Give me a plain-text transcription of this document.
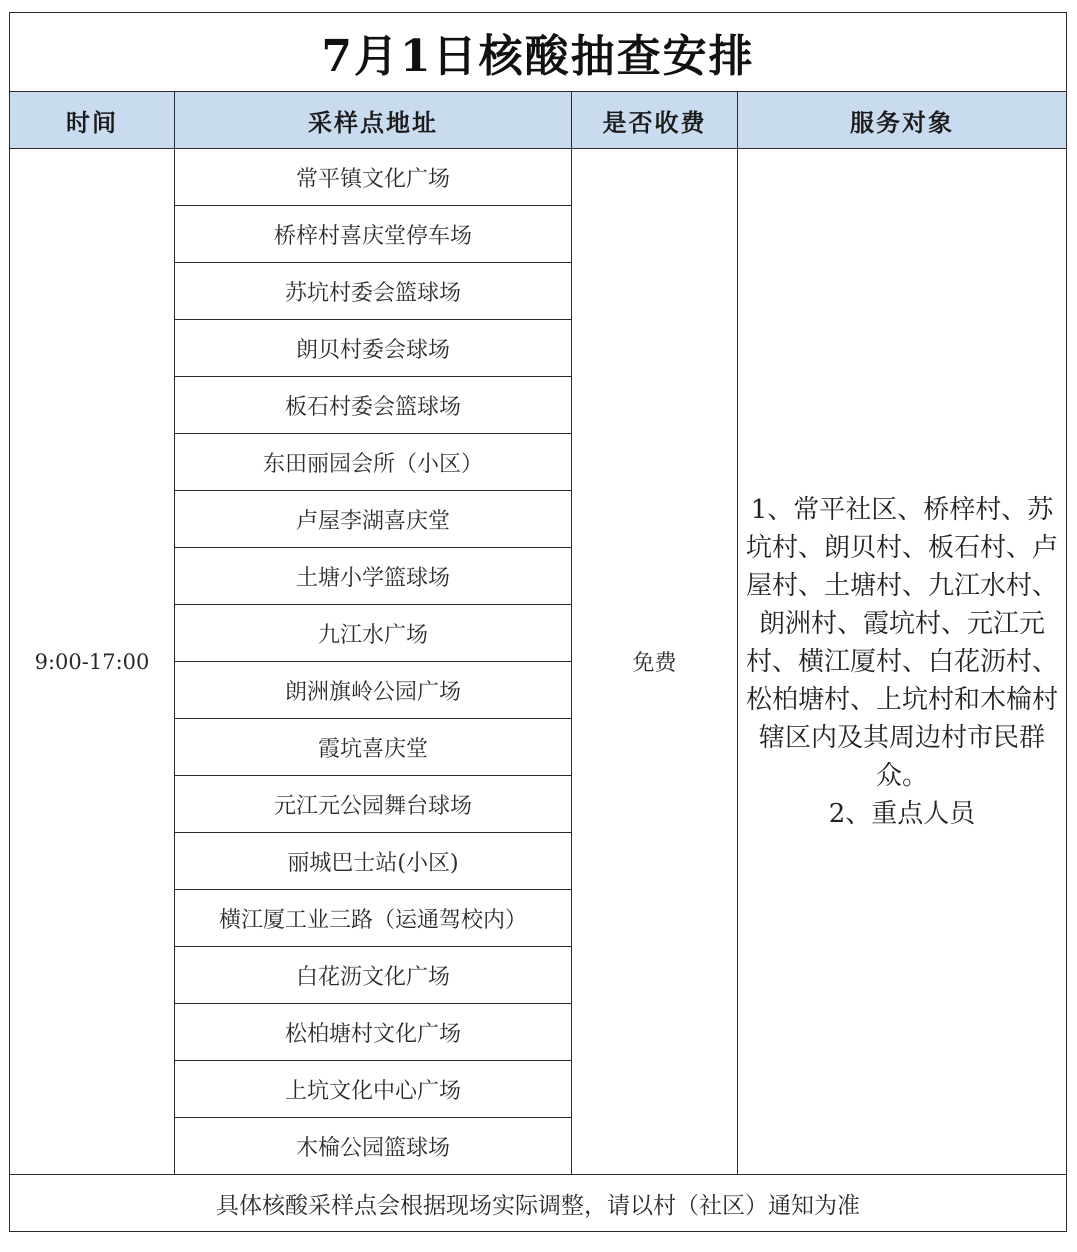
7月1日核酸抽查安排			
时间	采样点地址	是否收费	服务对象
9:00-17:00	常平镇文化广场	免费	1、常平社区、桥梓村、苏坑村、朗贝村、板石村、卢屋村、土塘村、九江水村、朗洲村、霞坑村、元江元村、横江厦村、白花沥村、松柏塘村、上坑村和木棆村辖区内及其周边村市民群众。

2、重点人员

	桥梓村喜庆堂停车场		
	苏坑村委会篮球场		
	朗贝村委会球场		
	板石村委会篮球场		
	东田丽园会所（小区）		
	卢屋李湖喜庆堂		
	土塘小学篮球场		
	九江水广场		
	朗洲旗岭公园广场		
	霞坑喜庆堂		
	元江元公园舞台球场		
	丽城巴士站(小区)		
	横江厦工业三路（运通驾校内）		
	白花沥文化广场		
	松柏塘村文化广场		
	上坑文化中心广场		
	木棆公园篮球场		
具体核酸采样点会根据现场实际调整，请以村（社区）通知为准			
